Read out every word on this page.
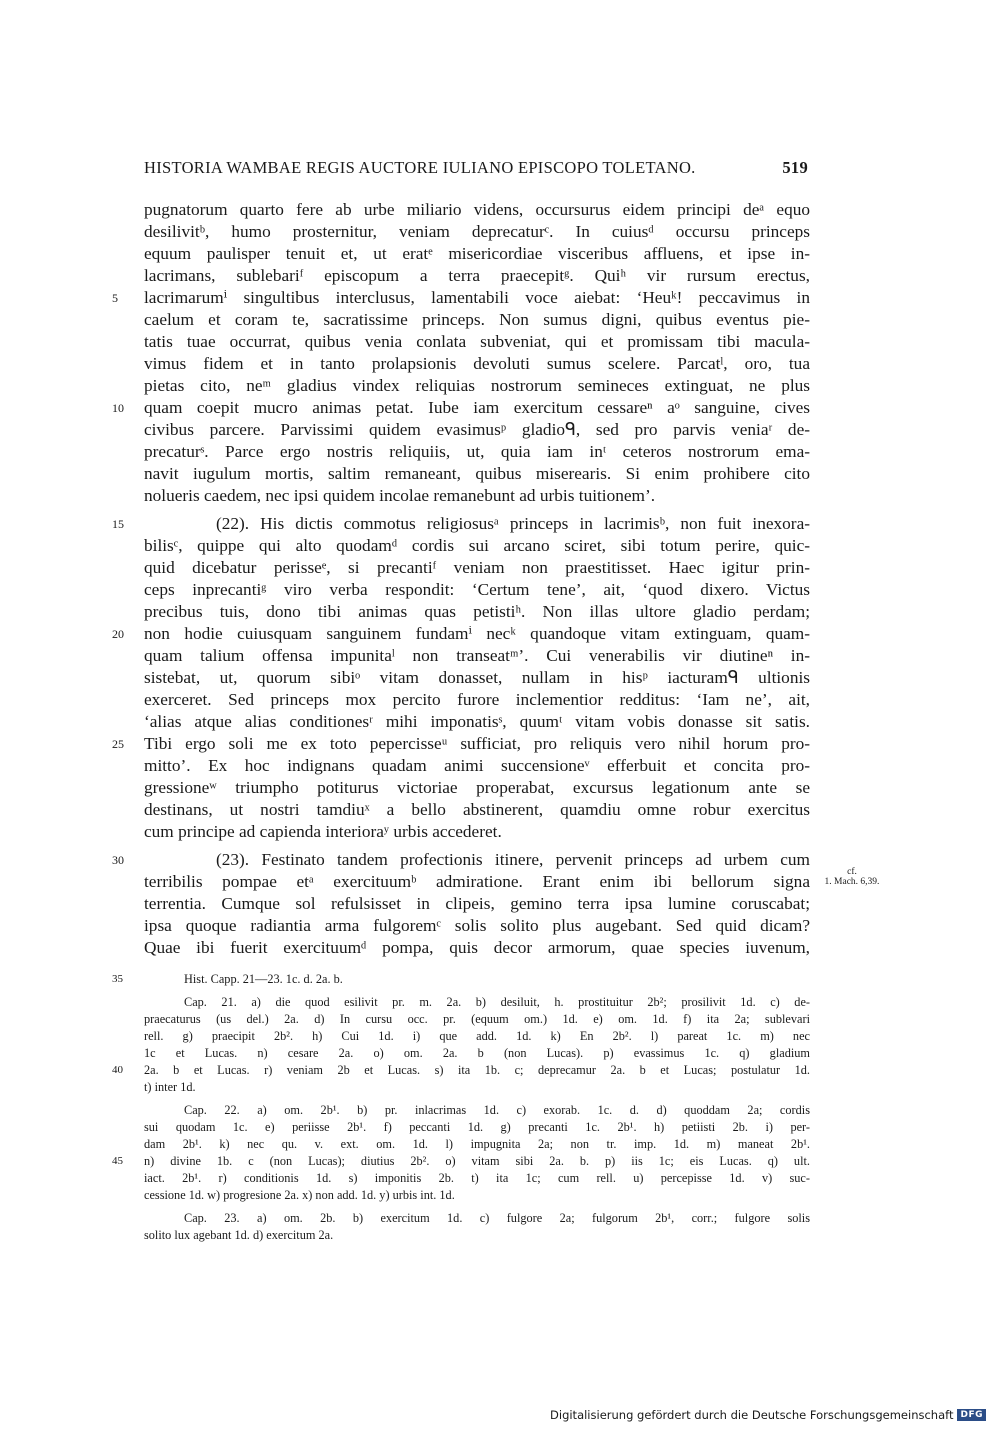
HISTORIA WAMBAE REGIS AUCTORE IULIANO EPISCOPO TOLETANO.	519
pugnatorum quarto fere ab urbe miliario videns, occursurus eidem principi deᵃ equo
desilivitᵇ, humo prosternitur, veniam deprecaturᶜ. In cuiusᵈ occursu princeps
equum paulisper tenuit et, ut eratᵉ misericordiae visceribus affluens, et ipse in-
lacrimans, sublebariᶠ episcopum a terra praecepitᵍ. Quiʰ vir rursum erectus,
lacrimarumⁱ singultibus interclusus, lamentabili voce aiebat: ‘Heuᵏ! peccavimus in
5
caelum et coram te, sacratissime princeps. Non sumus digni, quibus eventus pie-
tatis tuae occurrat, quibus venia conlata subveniat, qui et promissam tibi macula-
vimus fidem et in tanto prolapsionis devoluti sumus scelere. Parcatˡ, oro, tua
pietas cito, neᵐ gladius vindex reliquias nostrorum semineces extinguat, ne plus
quam coepit mucro animas petat. Iube iam exercitum cessareⁿ aᵒ sanguine, cives
10
civibus parcere. Parvissimi quidem evasimusᵖ gladioᑫ, sed pro parvis veniaʳ de-
precaturˢ. Parce ergo nostris reliquiis, ut, quia iam inᵗ ceteros nostrorum ema-
navit iugulum mortis, saltim remaneant, quibus miserearis. Si enim prohibere cito
nolueris caedem, nec ipsi quidem incolae remanebunt ad urbis tuitionem’.
(22). His dictis commotus religiosusᵃ princeps in lacrimisᵇ, non fuit inexora-
15
bilisᶜ, quippe qui alto quodamᵈ cordis sui arcano sciret, sibi totum perire, quic-
quid dicebatur perisseᵉ, si precantiᶠ veniam non praestitisset. Haec igitur prin-
ceps inprecantiᵍ viro verba respondit: ‘Certum tene’, ait, ‘quod dixero. Victus
precibus tuis, dono tibi animas quas petistiʰ. Non illas ultore gladio perdam;
non hodie cuiusquam sanguinem fundamⁱ necᵏ quandoque vitam extinguam, quam-
20
quam talium offensa impunitaˡ non transeatᵐ’. Cui venerabilis vir diutineⁿ in-
sistebat, ut, quorum sibiᵒ vitam donasset, nullam in hisᵖ iacturamᑫ ultionis
exerceret. Sed princeps mox percito furore inclementior redditus: ‘Iam ne’, ait,
‘alias atque alias conditionesʳ mihi imponatisˢ, quumᵗ vitam vobis donasse sit satis.
Tibi ergo soli me ex toto pepercisseᵘ sufficiat, pro reliquis vero nihil horum pro-
25
mitto’. Ex hoc indignans quadam animi succensioneᵛ efferbuit et concita pro-
gressioneʷ triumpho potiturus victoriae properabat, excursus legationum ante se
destinans, ut nostri tamdiuˣ a bello abstinerent, quamdiu omne robur exercitus
cum principe ad capienda interioraʸ urbis accederet.
(23). Festinato tandem profectionis itinere, pervenit princeps ad urbem cum
30
terribilis pompae etᵃ exercituumᵇ admiratione. Erant enim ibi bellorum signa
terrentia. Cumque sol refulsisset in clipeis, gemino terra ipsa lumine coruscabat;
ipsa quoque radiantia arma fulgoremᶜ solis solito plus augebant. Sed quid dicam?
Quae ibi fuerit exercituumᵈ pompa, quis decor armorum, quae species iuvenum,
cf.
1. Mach. 6,39.
Hist. Capp. 21—23. 1c. d. 2a. b.
35
Cap. 21. a) die quod esilivit pr. m. 2a. b) desiluit, h. prostituitur 2b²; prosilivit 1d. c) de-
praecaturus (us del.) 2a. d) In cursu occ. pr. (equum om.) 1d. e) om. 1d. f) ita 2a; sublevari
rell. g) praecipit 2b². h) Cui 1d. i) que add. 1d. k) En 2b². l) pareat 1c. m) nec
1c et Lucas. n) cesare 2a. o) om. 2a. b (non Lucas). p) evassimus 1c. q) gladium
2a. b et Lucas. r) veniam 2b et Lucas. s) ita 1b. c; deprecamur 2a. b et Lucas; postulatur 1d.
40
t) inter 1d.
Cap. 22. a) om. 2b¹. b) pr. inlacrimas 1d. c) exorab. 1c. d. d) quoddam 2a; cordis
sui quodam 1c. e) periisse 2b¹. f) peccanti 1d. g) precanti 1c. 2b¹. h) petiisti 2b. i) per-
dam 2b¹. k) nec qu. v. ext. om. 1d. l) impugnita 2a; non tr. imp. 1d. m) maneat 2b¹.
n) divine 1b. c (non Lucas); diutius 2b². o) vitam sibi 2a. b. p) iis 1c; eis Lucas. q) ult.
45
iact. 2b¹. r) conditionis 1d. s) imponitis 2b. t) ita 1c; cum rell. u) percepisse 1d. v) suc-
cessione 1d. w) progresione 2a. x) non add. 1d. y) urbis int. 1d.
Cap. 23. a) om. 2b. b) exercitum 1d. c) fulgore 2a; fulgorum 2b¹, corr.; fulgore solis
solito lux agebant 1d. d) exercitum 2a.
Digitalisierung gefördert durch die Deutsche Forschungsgemeinschaft DFG
